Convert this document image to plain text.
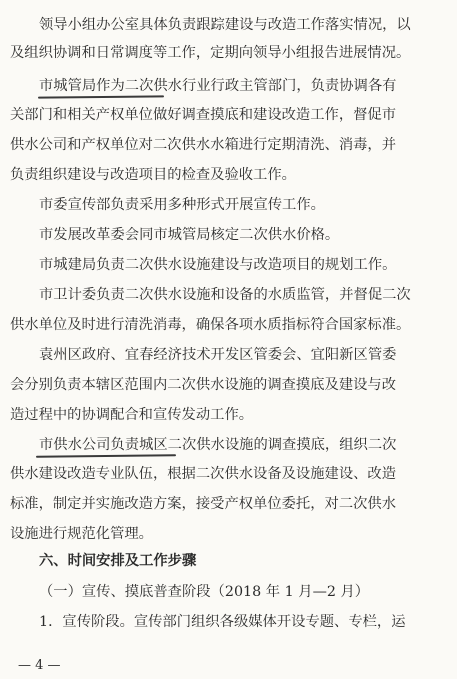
领导小组办公室具体负责跟踪建设与改造工作落实情况，以
及组织协调和日常调度等工作，定期向领导小组报告进展情况。
市城管局作为二次供水行业行政主管部门，负责协调各有
关部门和相关产权单位做好调查摸底和建设改造工作，督促市
供水公司和产权单位对二次供水水箱进行定期清洗、消毒，并
负责组织建设与改造项目的检查及验收工作。
市委宣传部负责采用多种形式开展宣传工作。
市发展改革委会同市城管局核定二次供水价格。
市城建局负责二次供水设施建设与改造项目的规划工作。
市卫计委负责二次供水设施和设备的水质监管，并督促二次
供水单位及时进行清洗消毒，确保各项水质指标符合国家标准。
袁州区政府、宜春经济技术开发区管委会、宜阳新区管委
会分别负责本辖区范围内二次供水设施的调查摸底及建设与改
造过程中的协调配合和宣传发动工作。
市供水公司负责城区二次供水设施的调查摸底，组织二次
供水建设改造专业队伍，根据二次供水设备及设施建设、改造
标准，制定并实施改造方案，接受产权单位委托，对二次供水
设施进行规范化管理。
六、时间安排及工作步骤
（一）宣传、摸底普查阶段（2018 年 1 月—2 月）
1．宣传阶段。宣传部门组织各级媒体开设专题、专栏，运
— 4 —
